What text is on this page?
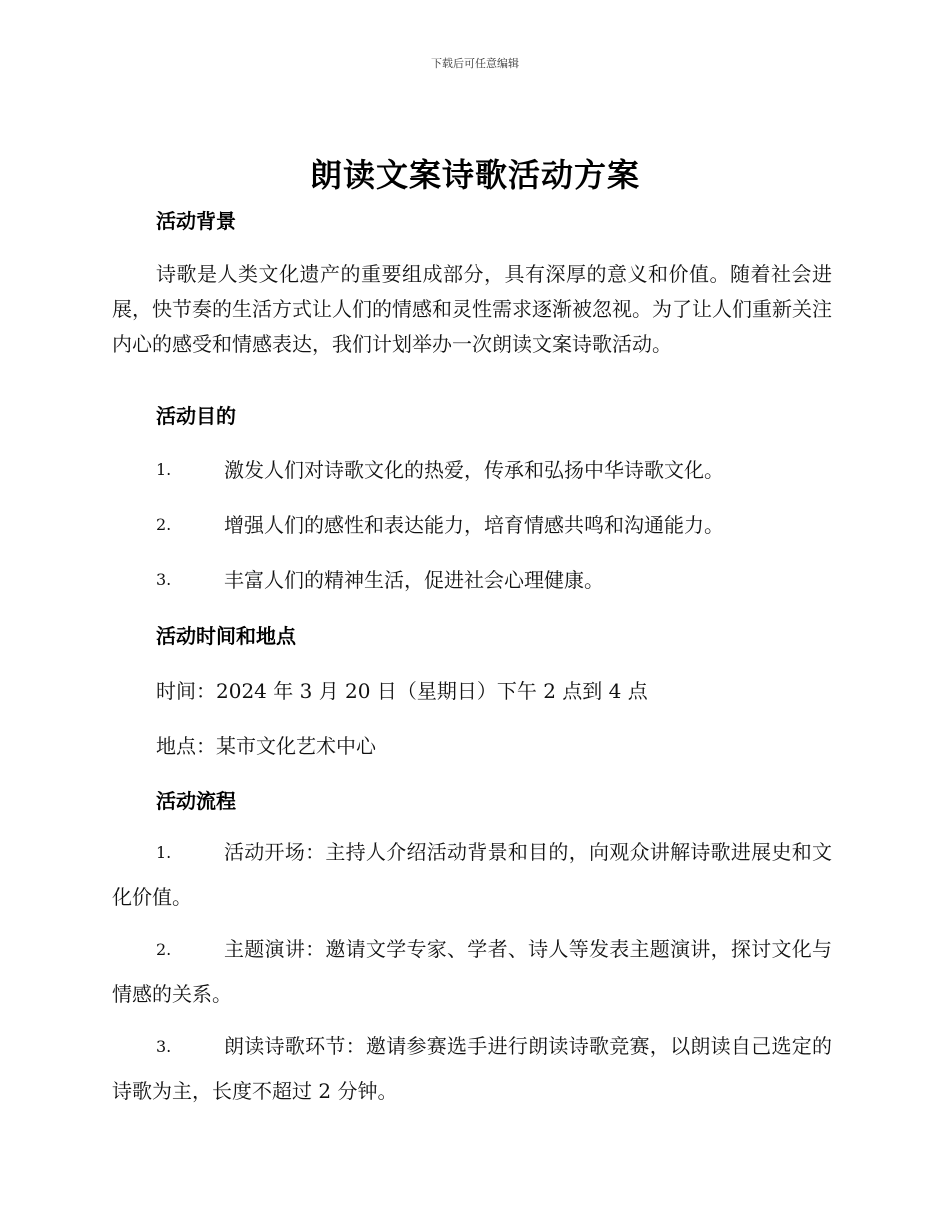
下载后可任意编辑
朗读文案诗歌活动方案
活动背景
诗歌是人类文化遗产的重要组成部分，具有深厚的意义和价值。随着社会进展，快节奏的生活方式让人们的情感和灵性需求逐渐被忽视。为了让人们重新关注内心的感受和情感表达，我们计划举办一次朗读文案诗歌活动。
活动目的
1.	激发人们对诗歌文化的热爱，传承和弘扬中华诗歌文化。
2.	增强人们的感性和表达能力，培育情感共鸣和沟通能力。
3.	丰富人们的精神生活，促进社会心理健康。
活动时间和地点
时间：2024 年 3 月 20 日（星期日）下午 2 点到 4 点
地点：某市文化艺术中心
活动流程
1.	活动开场：主持人介绍活动背景和目的，向观众讲解诗歌进展史和文化价值。
2.	主题演讲：邀请文学专家、学者、诗人等发表主题演讲，探讨文化与情感的关系。
3.	朗读诗歌环节：邀请参赛选手进行朗读诗歌竞赛，以朗读自己选定的诗歌为主，长度不超过 2 分钟。
